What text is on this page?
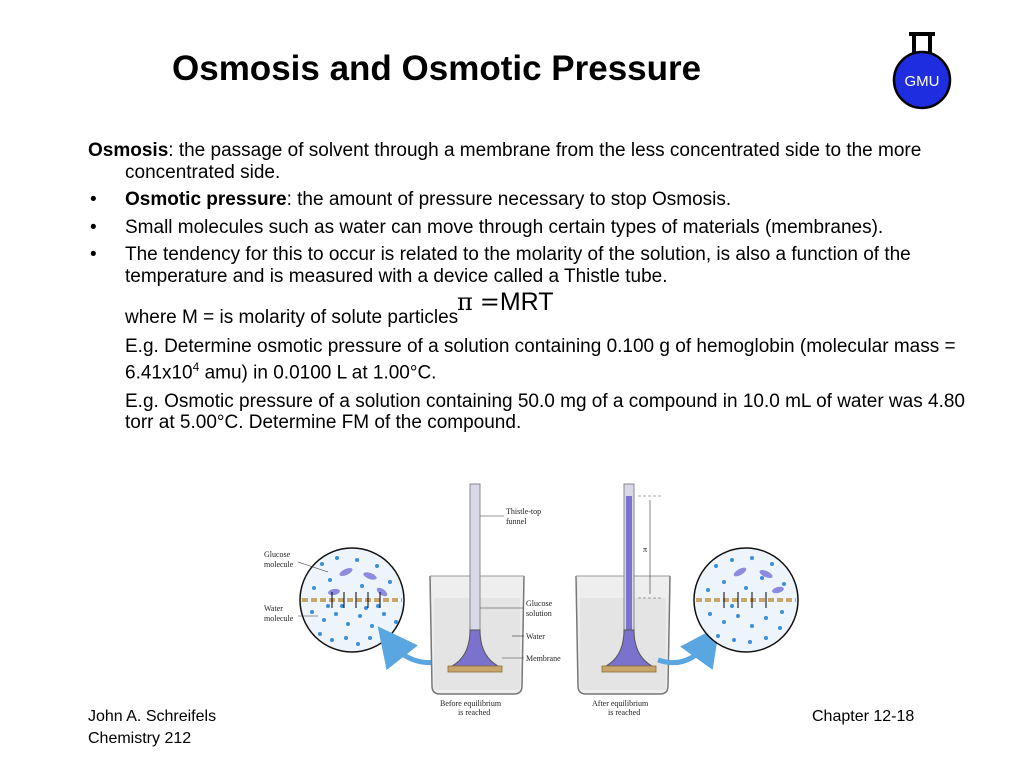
Osmosis and Osmotic Pressure	GMU

Osmosis: the passage of solvent through a membrane from the less concentrated side to the more concentrated side.

• Osmotic pressure: the amount of pressure necessary to stop Osmosis.
• Small molecules such as water can move through certain types of materials (membranes).
• The tendency for this to occur is related to the molarity of the solution, is also a function of the temperature and is measured with a device called a Thistle tube.
π =MRT

where M = is molarity of solute particles

E.g. Determine osmotic pressure of a solution containing 0.100 g of hemoglobin (molecular mass = $6.41x10^4$ amu) in 0.0100 L at 1.00°C.

E.g. Osmotic pressure of a solution containing 50.0 mg of a compound in 10.0 mL of water was 4.80 torr at 5.00°C. Determine FM of the compound.

Glucose
molecule
Water
molecule
Thistle-top
funnel
Glucose
solution
Water
Membrane
Before equilibrium
is reached
π
After equilibrium
is reached
John A. Schreifels
Chemistry 212
Chapter 12-18
